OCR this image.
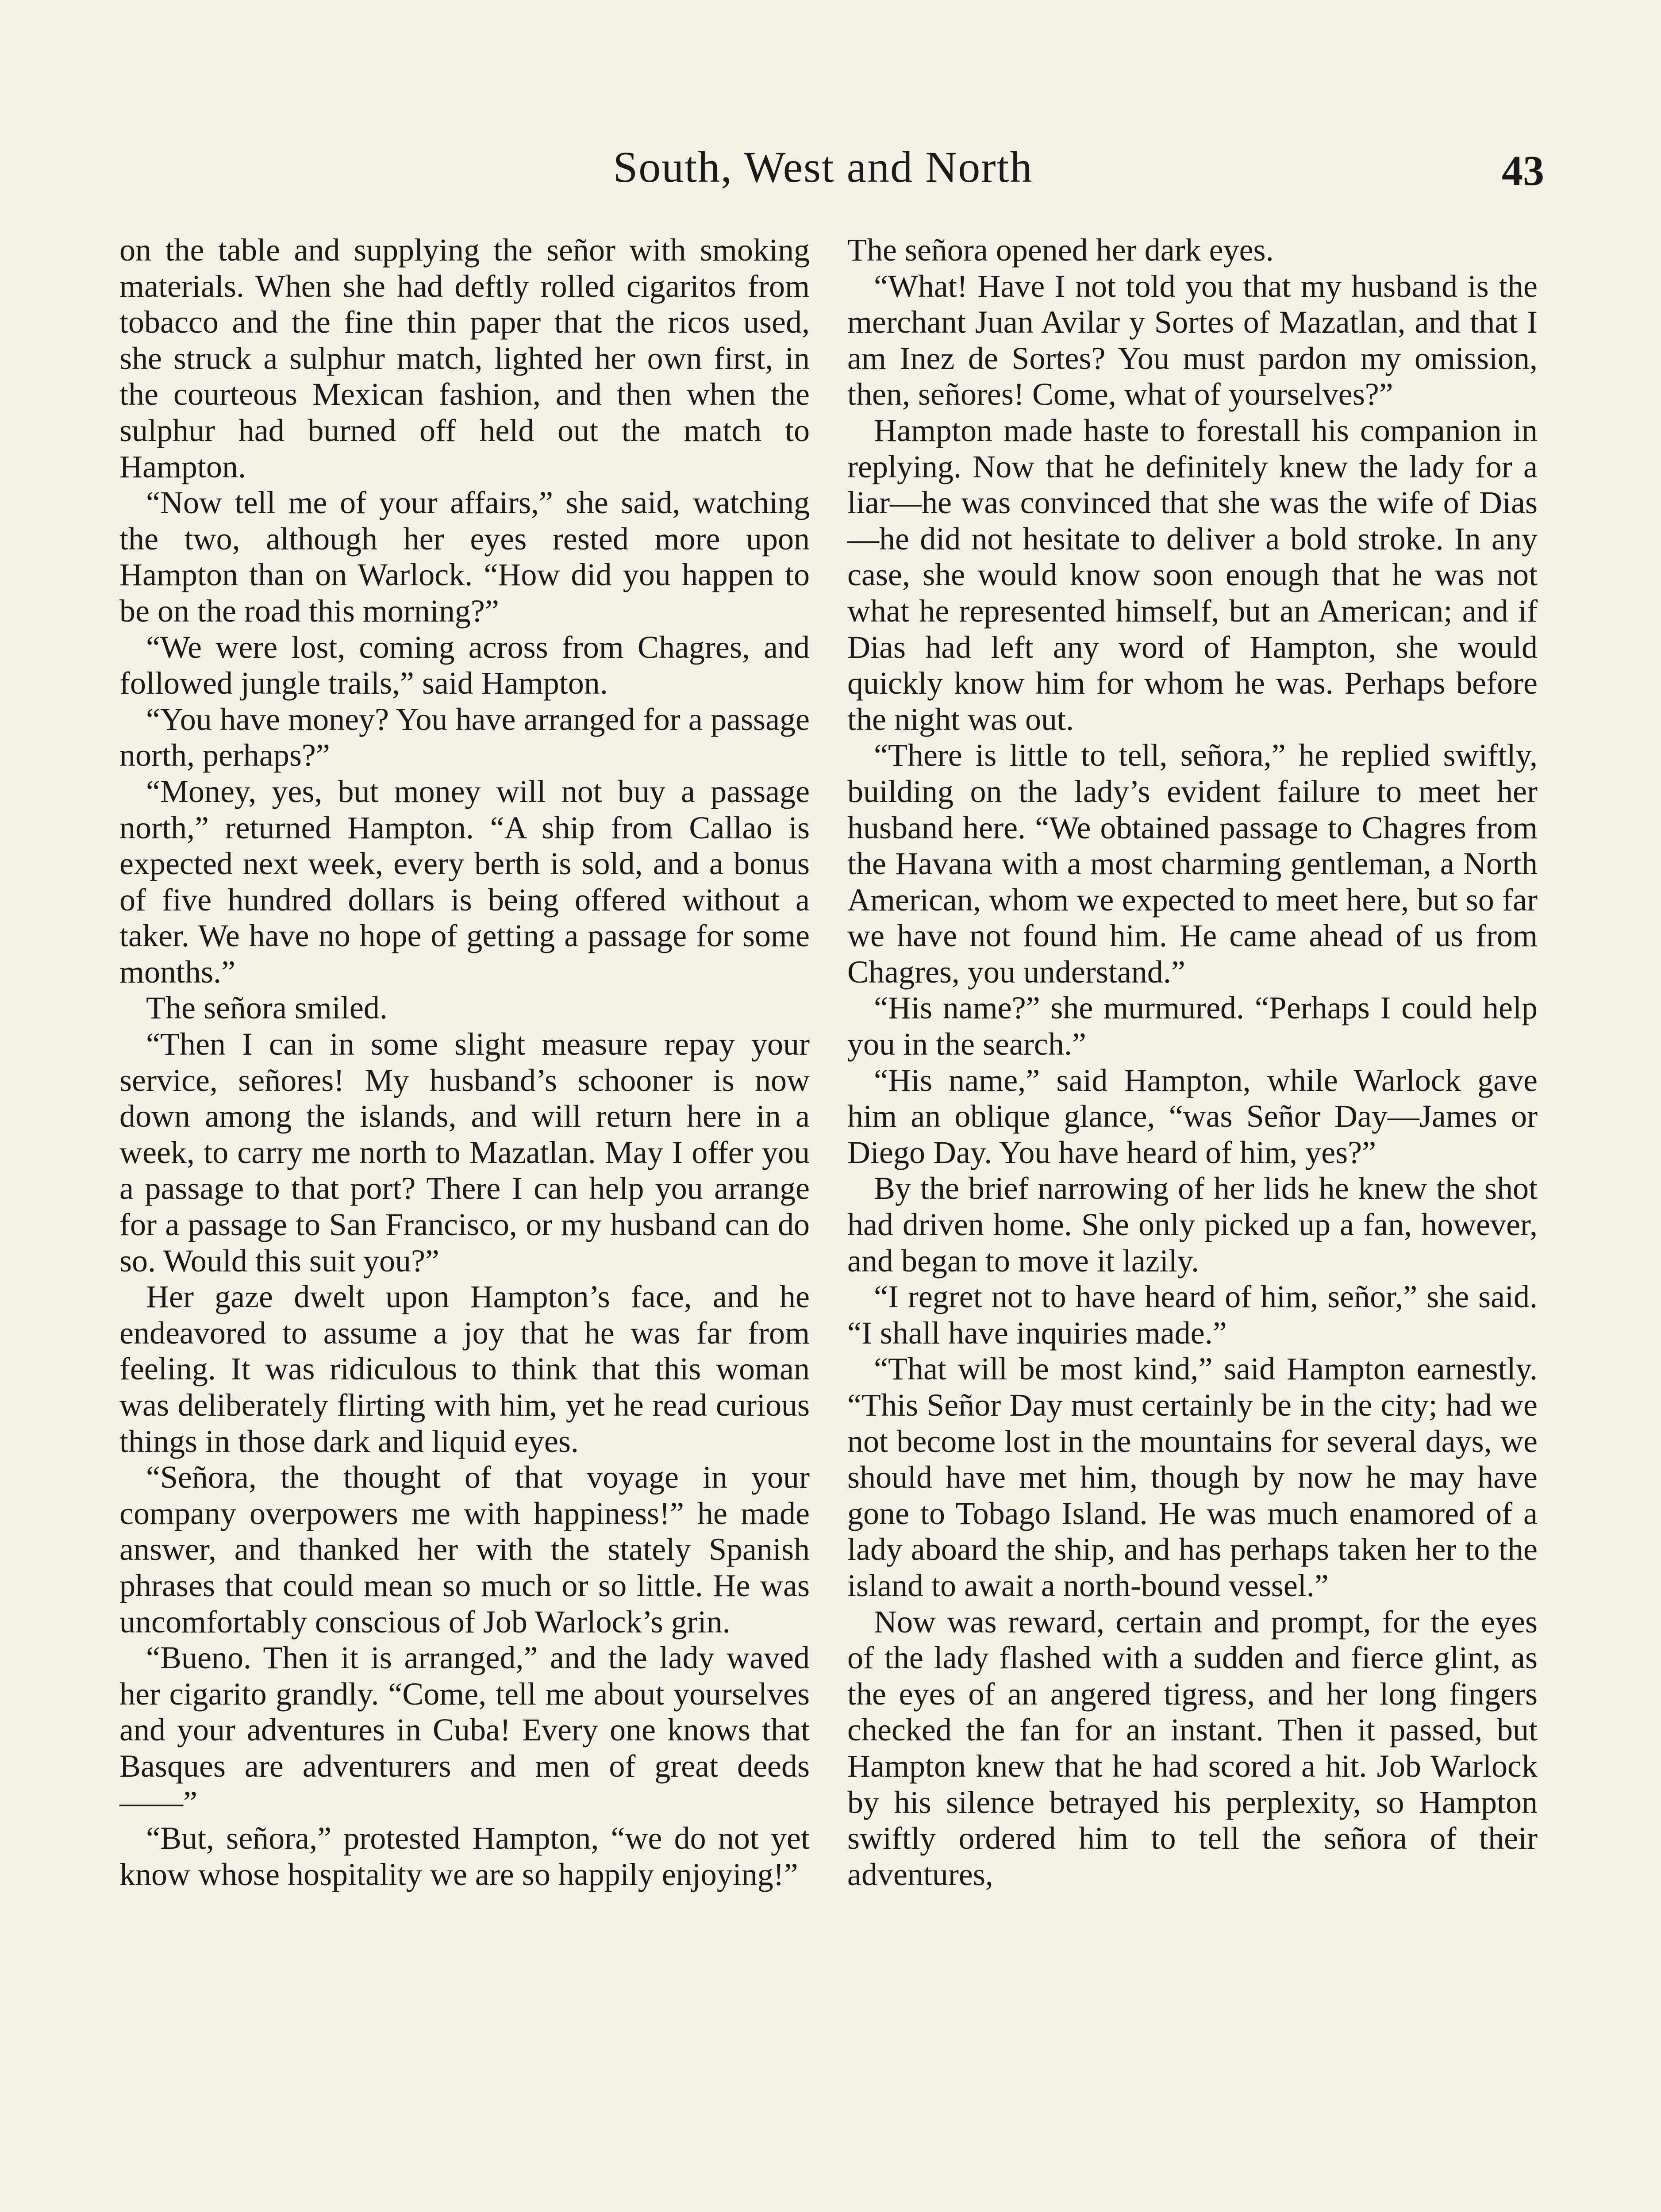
South, West and North	43

on the table and supplying the señor with smoking materials. When she had deftly rolled cigaritos from tobacco and the fine thin paper that the ricos used, she struck a sulphur match, lighted her own first, in the courteous Mexican fashion, and then when the sulphur had burned off held out the match to Hampton.

“Now tell me of your affairs,” she said, watching the two, although her eyes rested more upon Hampton than on Warlock. “How did you happen to be on the road this morning?”

“We were lost, coming across from Chagres, and followed jungle trails,” said Hampton.

“You have money? You have arranged for a passage north, perhaps?”

“Money, yes, but money will not buy a passage north,” returned Hampton. “A ship from Callao is expected next week, every berth is sold, and a bonus of five hundred dollars is being offered without a taker. We have no hope of getting a passage for some months.”

The señora smiled.

“Then I can in some slight measure repay your service, señores! My husband’s schooner is now down among the islands, and will return here in a week, to carry me north to Mazatlan. May I offer you a passage to that port? There I can help you arrange for a passage to San Francisco, or my husband can do so. Would this suit you?”

Her gaze dwelt upon Hampton’s face, and he endeavored to assume a joy that he was far from feeling. It was ridiculous to think that this woman was deliberately flirting with him, yet he read curious things in those dark and liquid eyes.

“Señora, the thought of that voyage in your company overpowers me with happiness!” he made answer, and thanked her with the stately Spanish phrases that could mean so much or so little. He was uncomfortably conscious of Job Warlock’s grin.

“Bueno. Then it is arranged,” and the lady waved her cigarito grandly. “Come, tell me about yourselves and your adventures in Cuba! Every one knows that Basques are adventurers and men of great deeds——”

“But, señora,” protested Hampton, “we do not yet know whose hospitality we are so happily enjoying!”

The señora opened her dark eyes.

“What! Have I not told you that my husband is the merchant Juan Avilar y Sortes of Mazatlan, and that I am Inez de Sortes? You must pardon my omission, then, señores! Come, what of yourselves?”

Hampton made haste to forestall his companion in replying. Now that he definitely knew the lady for a liar—he was convinced that she was the wife of Dias—he did not hesitate to deliver a bold stroke. In any case, she would know soon enough that he was not what he represented himself, but an American; and if Dias had left any word of Hampton, she would quickly know him for whom he was. Perhaps before the night was out.

“There is little to tell, señora,” he replied swiftly, building on the lady’s evident failure to meet her husband here. “We obtained passage to Chagres from the Havana with a most charming gentleman, a North American, whom we expected to meet here, but so far we have not found him. He came ahead of us from Chagres, you understand.”

“His name?” she murmured. “Perhaps I could help you in the search.”

“His name,” said Hampton, while Warlock gave him an oblique glance, “was Señor Day—James or Diego Day. You have heard of him, yes?”

By the brief narrowing of her lids he knew the shot had driven home. She only picked up a fan, however, and began to move it lazily.

“I regret not to have heard of him, señor,” she said. “I shall have inquiries made.”

“That will be most kind,” said Hampton earnestly. “This Señor Day must certainly be in the city; had we not become lost in the mountains for several days, we should have met him, though by now he may have gone to Tobago Island. He was much enamored of a lady aboard the ship, and has perhaps taken her to the island to await a north-bound vessel.”

Now was reward, certain and prompt, for the eyes of the lady flashed with a sudden and fierce glint, as the eyes of an angered tigress, and her long fingers checked the fan for an instant. Then it passed, but Hampton knew that he had scored a hit. Job Warlock by his silence betrayed his perplexity, so Hampton swiftly ordered him to tell the señora of their adventures,
